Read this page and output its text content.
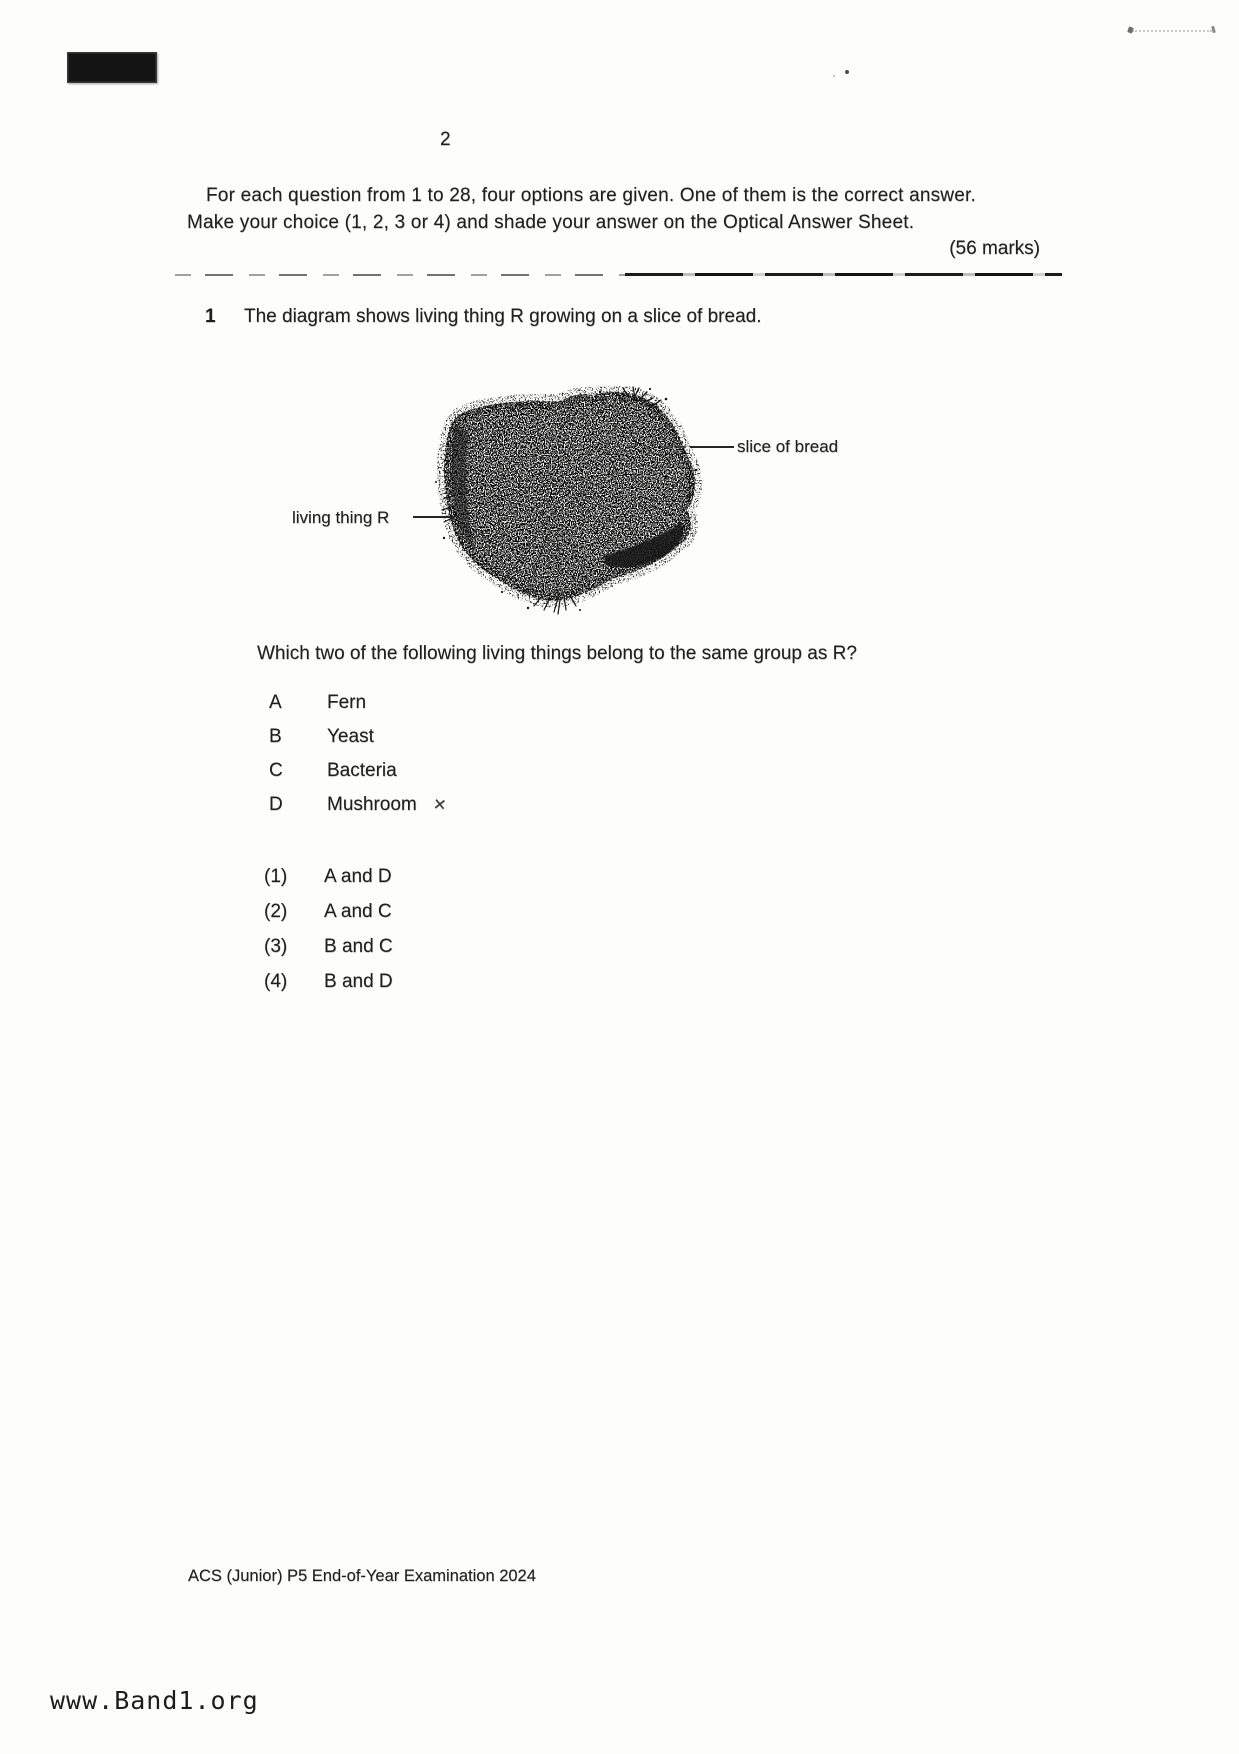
2
For each question from 1 to 28, four options are given. One of them is the correct answer.
Make your choice (1, 2, 3 or 4) and shade your answer on the Optical Answer Sheet.
(56 marks)
1 The diagram shows living thing R growing on a slice of bread.
slice of bread
living thing R
Which two of the following living things belong to the same group as R?
A Fern
B Yeast
C Bacteria
D Mushroom ✕
(1) A and D
(2) A and C
(3) B and C
(4) B and D
ACS (Junior) P5 End-of-Year Examination 2024
www.Band1.org
